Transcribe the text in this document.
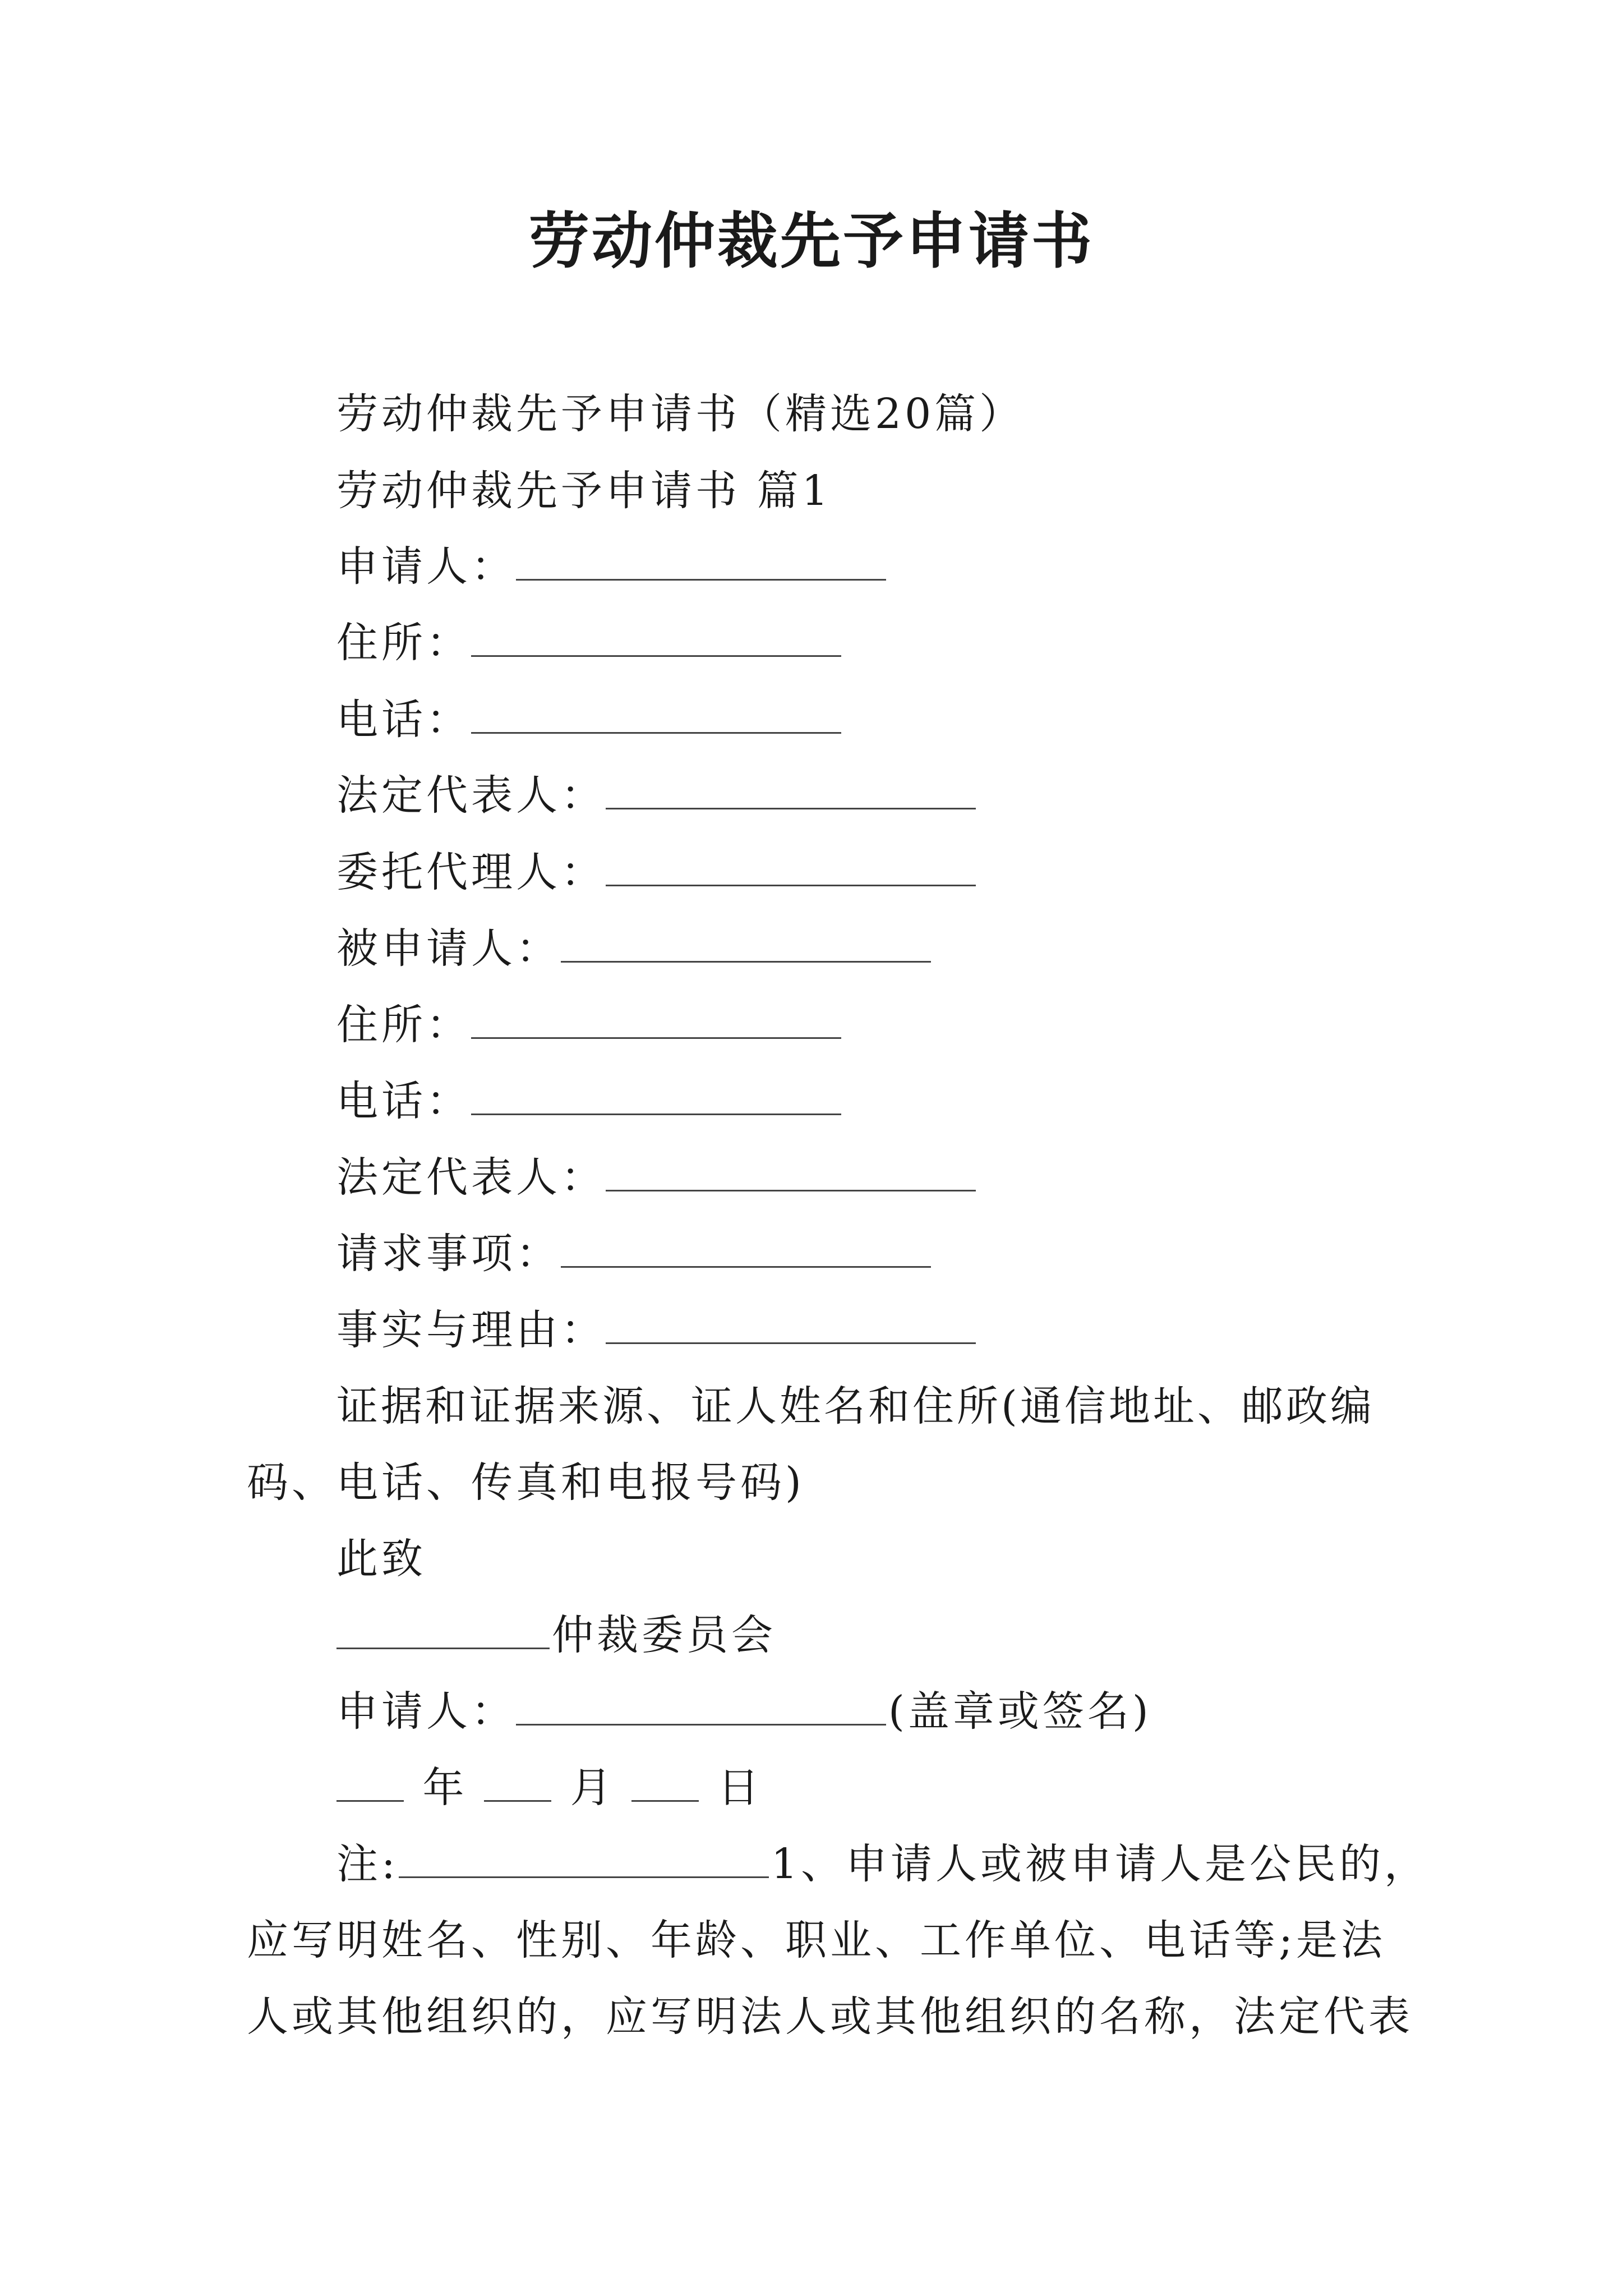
劳动仲裁先予申请书
劳动仲裁先予申请书（精选20篇）
劳动仲裁先予申请书 篇1
申请人：
住所：
电话：
法定代表人：
委托代理人：
被申请人：
住所：
电话：
法定代表人：
请求事项：
事实与理由：
证据和证据来源、证人姓名和住所(通信地址、邮政编
码、电话、传真和电报号码)
此致
仲裁委员会
申请人：	(盖章或签名)
年 月 日
注:	1、申请人或被申请人是公民的，
应写明姓名、性别、年龄、职业、工作单位、电话等;是法
人或其他组织的，应写明法人或其他组织的名称，法定代表
